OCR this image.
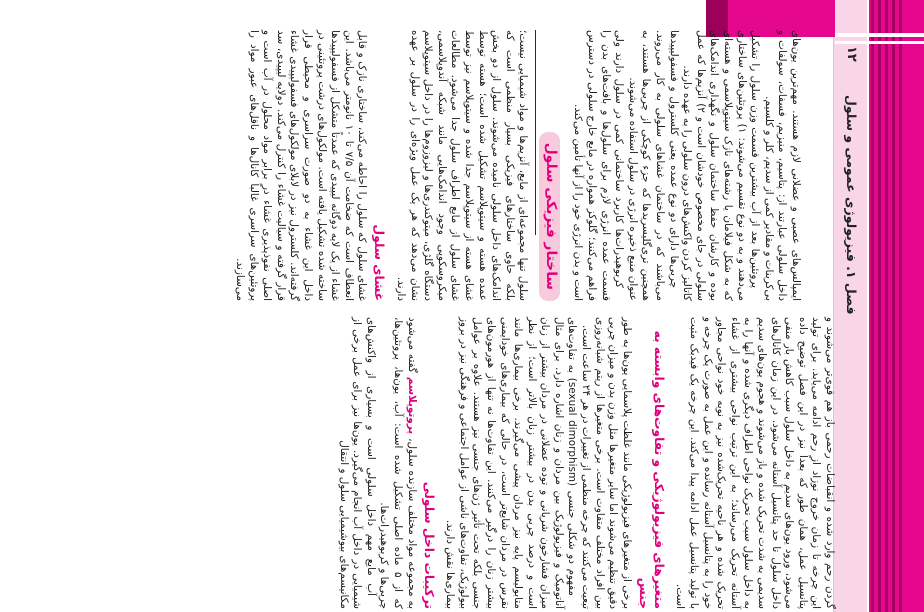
۱۲
فصل ۱. فیزیولوژی عمومی و سلول

گردن رحم وارد شده و انقباضات رحمی باز هم قوی‌تر می‌شوند و این چرخه تا زمان خروج نوزاد از رحم ادامه می‌یابد. برای تولید پتانسیل عمل، همان طور که بعداً نیز در این فصل توضیح داده می‌شود، ورود یون‌های سدیم به داخل سلول سبب کاهش بار منفی داخل سلول تا حد پتانسیل آستانه می‌شود. در این زمان کانال‌های سدیمی به شدت تحریک شده و باز می‌شوند و هجوم یون‌های سدیم به داخل سلول سبب تحریک نواحی اطراف دیگری شده و آنها را به آستانه تحریک می‌رساند؛ به این ترتیب نواحی بیشتری از غشاء تحریک شده و هر ناحیه تحریک‌شده نیز به نوبه خود نواحی مجاور خود را به پتانسیل آستانه رسانده و این عمل به صورت یک چرخه و با تولید پتانسیل عمل ادامه پیدا می‌کند. این چرخه یک فیدبک مثبت است.

متغیرهای فیزیولوژیکی و تفاوت‌های وابسته به جنس

برخی از متغیرهای فیزیولوژیکی مانند غلظت پلاسمایی یون‌ها به طور دقیق تنظیم می‌شوند اما سایر متغیرها مثل وزن بدن و میزان چربی بین افراد مختلف متفاوت است. برخی متغیرها از ریتم شبانه‌روزی تبعیت می‌کنند که چرخه منظمی از تغییرات در هر ۲۴ ساعت است.

مفهوم دو شکلی جنسی (sexual dimorphism) به تفاوت‌های آناتومیک و فیزیولوژیک بین مردان و زنان اشاره دارد. برای مثال میزان فشارخون شریانی و توده عضلانی در مردان بیشتر از زنان است و درصد چربی بدن در بیشتر زنان بالاتر است؛ از نظر متابولیسم پایه نیز مردان پیشی می‌گیرند. برخی بیماری‌ها مانند نقرس در مردان شایع‌تر است، در حالی که بیماری‌های خودایمنی بیشتر زنان را درگیر می‌کنند. این تفاوت‌ها نه تنها از هورمون‌های جنسی بلکه تحت تأثیر ژن‌های جنسی نیز هستند. علاوه بر عوامل بیولوژیک، تفاوت‌های ناشی از عوامل اجتماعی و فرهنگی نیز در بروز بیماری‌ها نقش دارند.

ترکیبات داخل سلولی

به مجموعه مواد مختلف سازنده سلول، پروتوپلاسم گفته می‌شود که از ۵ ماده اصلی تشکیل شده است: آب، یون‌ها، پروتئین‌ها، چربی‌ها و کربوهیدرات‌ها.

آب مایع مهم داخل سلولی است و بسیاری از واکنش‌های شیمیایی در داخل آب انجام می‌گیرد. یون‌ها نیز برای عمل برخی از مکانیسم‌های بیوشیمیایی سلول و انتقال

ایمپالس‌های عصبی و عضلانی لازم هستند. مهم‌ترین یون‌های داخل سلولی عبارتند از: پتاسیم، منیزیم، فسفات، سولفات و بی‌کربنات و مقادیر کمی از سدیم، کلر و کلسیم.

پروتئین‌ها بعد از آب بیشترین قسمت وزن سلول را تشکیل می‌دهند و به دو نوع تقسیم می‌شوند: ۱) پروتئین‌های ساختاری که به شکل فیلامان یا رشته‌های نازک سیتوپلاسمی و هسته‌ای بوده و کارشان حفظ ساختمان سلول و نگهداری اندامک‌های سلولی در جای مخصوص خودشان است و ۲) آنزیم‌ها که عمل کاتالیز کردن واکنش‌های درون سلولی را به عهده دارند.

چربی‌ها دارای دو نوع عمده یعنی کلسترول و فسفولیپیدها می‌باشند که در ساختمان غشاهای سلولی به کار می‌روند. همچنین تری‌گلیسریدها که جزء کوچکی از چربی‌ها هستند، به عنوان منبع ذخیره انرژی در سلول استفاده می‌شوند.

کربوهیدرات‌ها کاربرد ساختمانی کمی در سلول دارند ولی قسمت عمده انرژی لازم برای سلول‌ها و بافت‌های بدن را فراهم می‌کنند؛ گلوکز همواره در مایع خارج سلولی در دسترس است و بدن انرژی خود را از آنها تأمین می‌کند.

ساختار فیزیکی سلول

سلول تنها مجموعه‌ای از مایع، آنزیم‌ها و مواد شیمیایی نیست؛ بلکه حاوی ساختارهای فیزیکی بسیار منظمی است که اندامک‌های داخل سلولی نامیده می‌شوند. سلول از دو بخش عمده هسته و سیتوپلاسم تشکیل شده است؛ هسته توسط غشای هسته از سیتوپلاسم جدا شده و سیتوپلاسم نیز توسط غشای سلول از مایع اطراف سلول جدا می‌شود. مطالعات میکروسکوپی وجود اندامک‌هایی مانند شبکه آندوپلاسمی، دستگاه گلژی، میتوکندری‌ها و لیزوزوم‌ها را در داخل سیتوپلاسم نشان می‌دهد که هر یک عمل ویژه‌ای را در سلول بر عهده دارند.

غشای سلول

غشای سلول که سلول را احاطه می‌کند، ساختاری نازک و قابل انعطاف است که ضخامت آن ۷/۵ تا ۱۰ نانومتر می‌باشد. این غشاء از یک لایه دوگانه لیپیدی که عمدتاً متشکل از فسفولیپیدها ساخته شده تشکیل یافته است. مولکول‌های درشت پروتئینی در داخل این غشاء به دو صورت سراسری و محیطی قرار گرفته‌اند. کلسترول نیز در لابلای مولکول‌های فسفولیپیدی غشاء قرار گرفته و سیالیت غشاء را کنترل می‌کند. دولایه لیپیدی، سد اصلی نفوذپذیری غشاء در برابر مواد محلول در آب است و پروتئین‌های سراسری غالباً کانال‌ها و ناقل‌های عبور مواد را می‌سازند.
